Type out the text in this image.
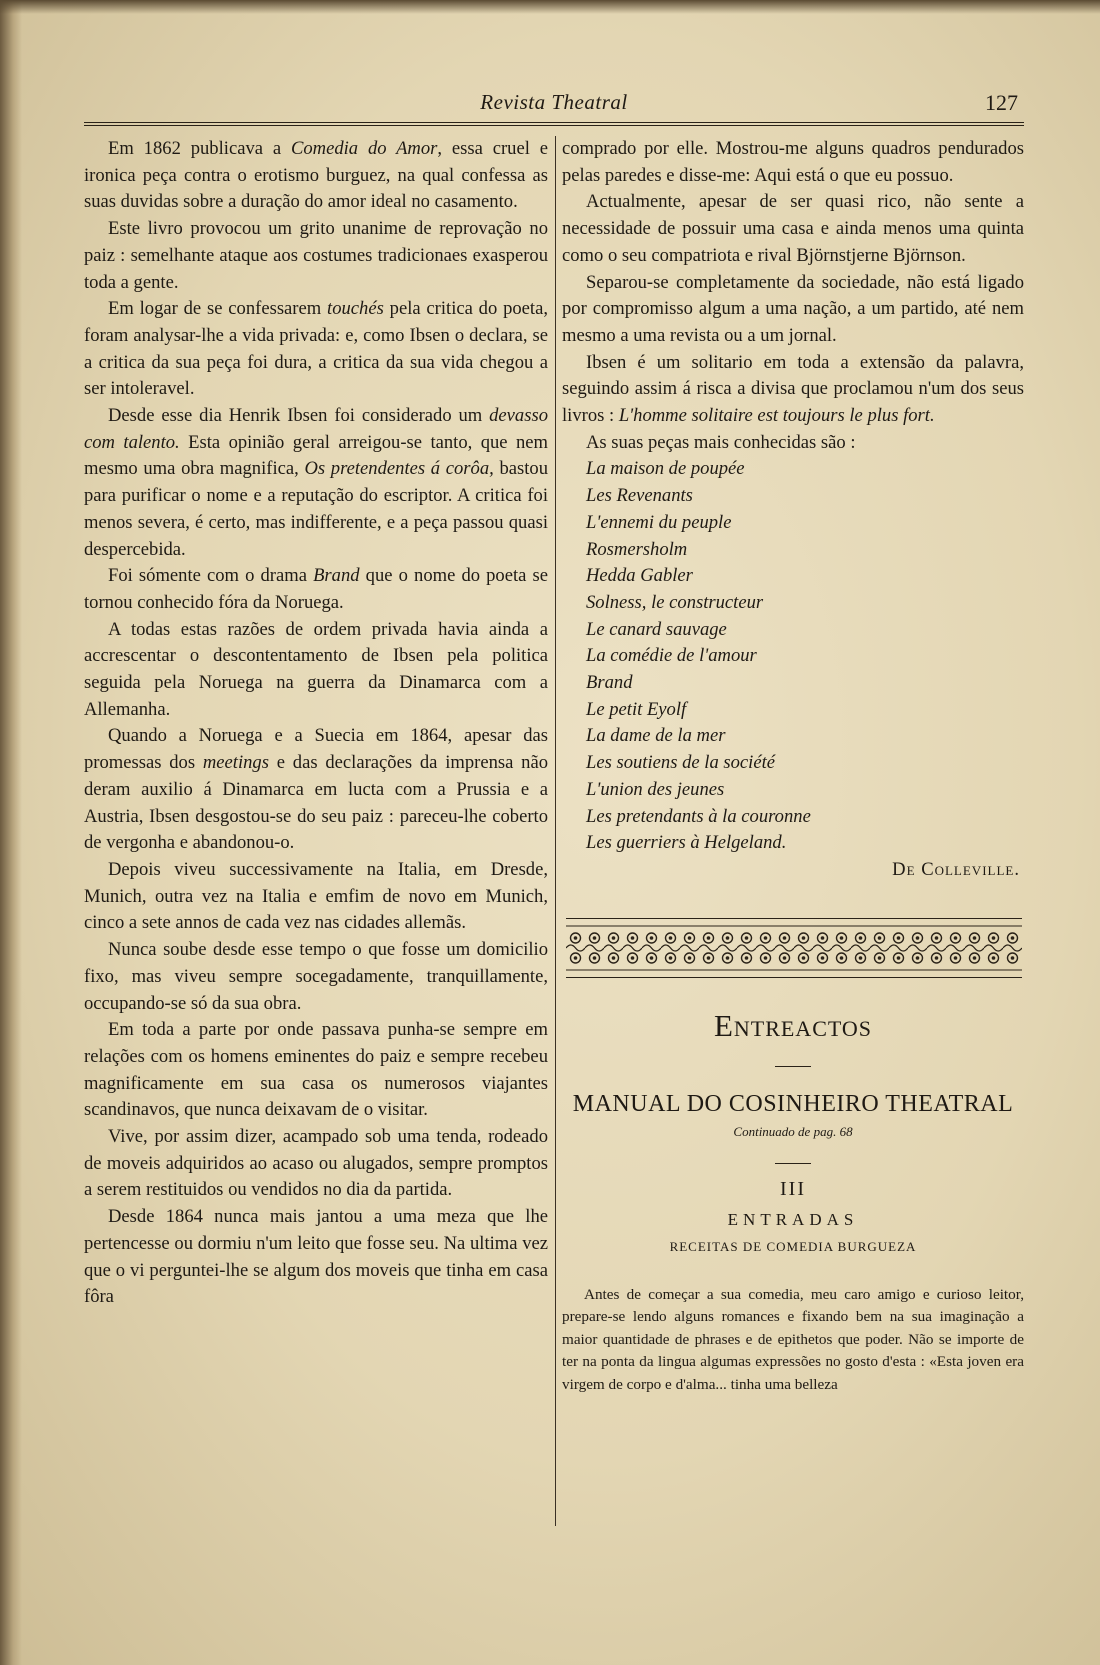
Revista Theatral	127

Em 1862 publicava a Comedia do Amor, essa cruel e ironica peça contra o erotismo burguez, na qual confessa as suas duvidas sobre a duração do amor ideal no casamento.

Este livro provocou um grito unanime de reprovação no paiz : semelhante ataque aos costumes tradicionaes exasperou toda a gente.

Em logar de se confessarem touchés pela critica do poeta, foram analysar-lhe a vida privada: e, como Ibsen o declara, se a critica da sua peça foi dura, a critica da sua vida chegou a ser intoleravel.

Desde esse dia Henrik Ibsen foi considerado um devasso com talento. Esta opinião geral arreigou-se tanto, que nem mesmo uma obra magnifica, Os pretendentes á corôa, bastou para purificar o nome e a reputação do escriptor. A critica foi menos severa, é certo, mas indifferente, e a peça passou quasi despercebida.

Foi sómente com o drama Brand que o nome do poeta se tornou conhecido fóra da Noruega.

A todas estas razões de ordem privada havia ainda a accrescentar o descontentamento de Ibsen pela politica seguida pela Noruega na guerra da Dinamarca com a Allemanha.

Quando a Noruega e a Suecia em 1864, apesar das promessas dos meetings e das declarações da imprensa não deram auxilio á Dinamarca em lucta com a Prussia e a Austria, Ibsen desgostou-se do seu paiz : pareceu-lhe coberto de vergonha e abandonou-o.

Depois viveu successivamente na Italia, em Dresde, Munich, outra vez na Italia e emfim de novo em Munich, cinco a sete annos de cada vez nas cidades allemãs.

Nunca soube desde esse tempo o que fosse um domicilio fixo, mas viveu sempre socegadamente, tranquillamente, occupando-se só da sua obra.

Em toda a parte por onde passava punha-se sempre em relações com os homens eminentes do paiz e sempre recebeu magnificamente em sua casa os numerosos viajantes scandinavos, que nunca deixavam de o visitar.

Vive, por assim dizer, acampado sob uma tenda, rodeado de moveis adquiridos ao acaso ou alugados, sempre promptos a serem restituidos ou vendidos no dia da partida.

Desde 1864 nunca mais jantou a uma meza que lhe pertencesse ou dormiu n'um leito que fosse seu. Na ultima vez que o vi perguntei-lhe se algum dos moveis que tinha em casa fôra

comprado por elle. Mostrou-me alguns quadros pendurados pelas paredes e disse-me: Aqui está o que eu possuo.

Actualmente, apesar de ser quasi rico, não sente a necessidade de possuir uma casa e ainda menos uma quinta como o seu compatriota e rival Björnstjerne Björnson.

Separou-se completamente da sociedade, não está ligado por compromisso algum a uma nação, a um partido, até nem mesmo a uma revista ou a um jornal.

Ibsen é um solitario em toda a extensão da palavra, seguindo assim á risca a divisa que proclamou n'um dos seus livros : L'homme solitaire est toujours le plus fort.

As suas peças mais conhecidas são :

La maison de poupée
Les Revenants
L'ennemi du peuple
Rosmersholm
Hedda Gabler
Solness, le constructeur
Le canard sauvage
La comédie de l'amour
Brand
Le petit Eyolf
La dame de la mer
Les soutiens de la société
L'union des jeunes
Les pretendants à la couronne
Les guerriers à Helgeland.
De Colleville.
Entreactos
MANUAL DO COSINHEIRO THEATRAL
Continuado de pag. 68
III
ENTRADAS
RECEITAS DE COMEDIA BURGUEZA

Antes de começar a sua comedia, meu caro amigo e curioso leitor, prepare-se lendo alguns romances e fixando bem na sua imaginação a maior quantidade de phrases e de epithetos que poder. Não se importe de ter na ponta da lingua algumas expressões no gosto d'esta : «Esta joven era virgem de corpo e d'alma... tinha uma belleza
